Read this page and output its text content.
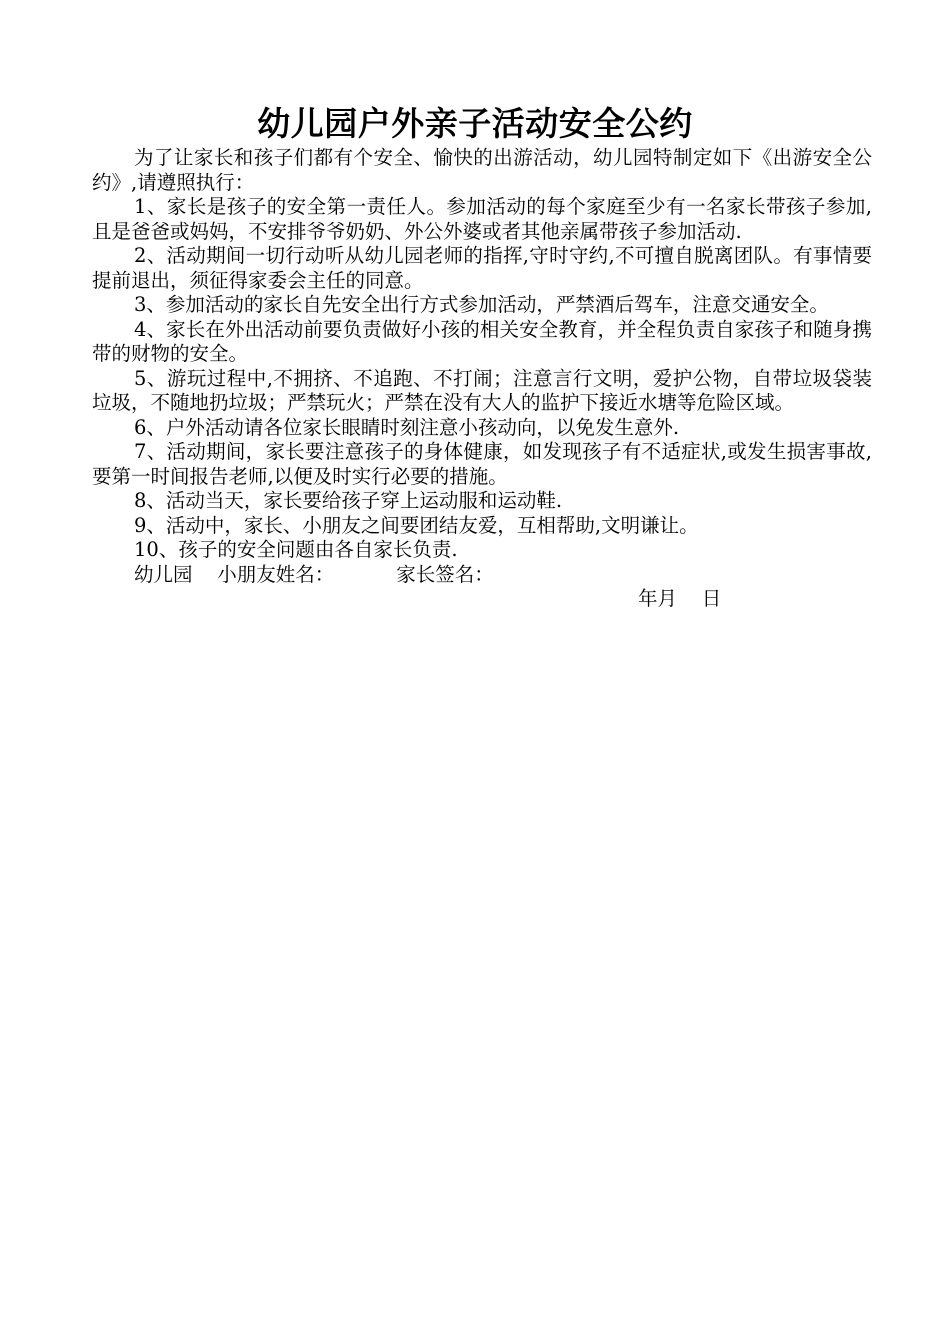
幼儿园户外亲子活动安全公约

为了让家长和孩子们都有个安全、愉快的出游活动，幼儿园特制定如下《出游安全公约》,请遵照执行：

1、家长是孩子的安全第一责任人。参加活动的每个家庭至少有一名家长带孩子参加,且是爸爸或妈妈，不安排爷爷奶奶、外公外婆或者其他亲属带孩子参加活动.

2、活动期间一切行动听从幼儿园老师的指挥,守时守约,不可擅自脱离团队。有事情要提前退出，须征得家委会主任的同意。

3、参加活动的家长自先安全出行方式参加活动，严禁酒后驾车，注意交通安全。

4、家长在外出活动前要负责做好小孩的相关安全教育，并全程负责自家孩子和随身携带的财物的安全。

5、游玩过程中,不拥挤、不追跑、不打闹；注意言行文明，爱护公物，自带垃圾袋装垃圾，不随地扔垃圾；严禁玩火；严禁在没有大人的监护下接近水塘等危险区域。

6、户外活动请各位家长眼睛时刻注意小孩动向，以免发生意外.

7、活动期间，家长要注意孩子的身体健康，如发现孩子有不适症状,或发生损害事故,要第一时间报告老师,以便及时实行必要的措施。

8、活动当天，家长要给孩子穿上运动服和运动鞋.

9、活动中，家长、小朋友之间要团结友爱，互相帮助,文明谦让。

10、孩子的安全问题由各自家长负责.

幼儿园    小朋友姓名：          家长签名：

年月    日
